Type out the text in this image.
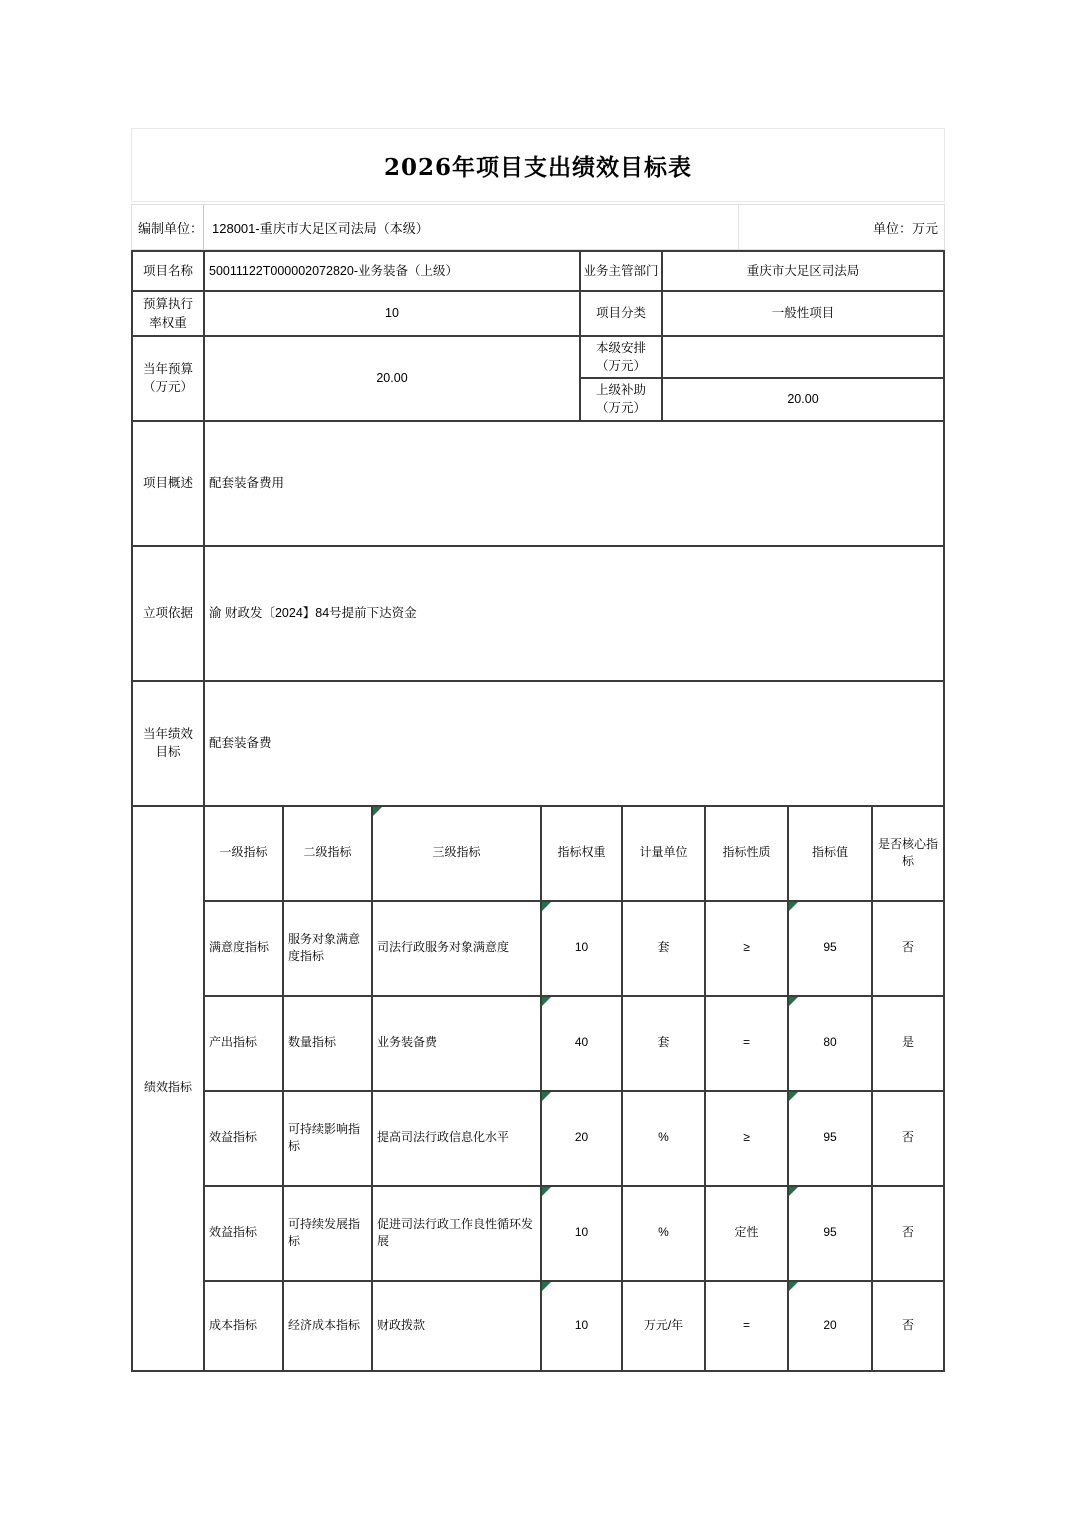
2026年项目支出绩效目标表
编制单位： 128001-重庆市大足区司法局（本级）	单位：万元
项目名称	50011122T000002072820-业务装备（上级）	业务主管部门	重庆市大足区司法局
预算执行率权重	10	项目分类	一般性项目
当年预算（万元）	20.00	本级安排（万元）	
		上级补助（万元）	20.00
项目概述	配套装备费用		
立项依据	渝 财政发〔2024】84号提前下达资金		
当年绩效目标	配套装备费		
绩效指标	一级指标	二级指标	三级指标	指标权重	计量单位	指标性质	指标值	是否核心指标
	满意度指标	服务对象满意度指标	司法行政服务对象满意度	10	套	≥	95	否
	产出指标	数量指标	业务装备费	40	套	=	80	是
	效益指标	可持续影响指标	提高司法行政信息化水平	20	%	≥	95	否
	效益指标	可持续发展指标	促进司法行政工作良性循环发展	10	%	定性	95	否
	成本指标	经济成本指标	财政拨款	10	万元/年	=	20	否
